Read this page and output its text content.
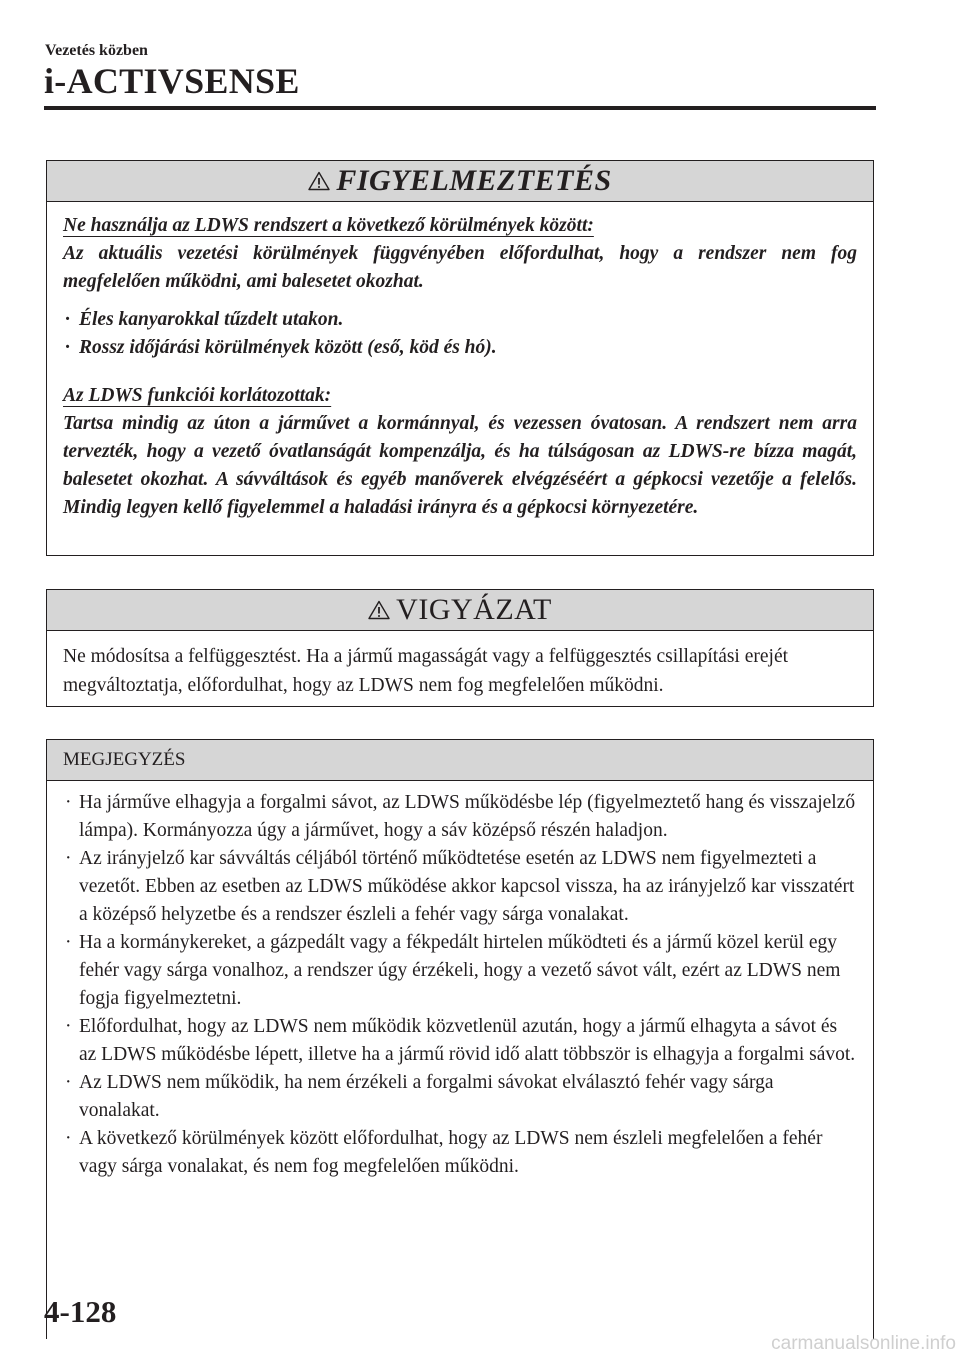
Vezetés közben
i-ACTIVSENSE
FIGYELMEZTETÉS
Ne használja az LDWS rendszert a következő körülmények között:
Az aktuális vezetési körülmények függvényében előfordulhat, hogy a rendszer nem fog megfelelően működni, ami balesetet okozhat.
· Éles kanyarokkal tűzdelt utakon.
· Rossz időjárási körülmények között (eső, köd és hó).
Az LDWS funkciói korlátozottak:
Tartsa mindig az úton a járművet a kormánnyal, és vezessen óvatosan. A rendszert nem arra tervezték, hogy a vezető óvatlanságát kompenzálja, és ha túlságosan az LDWS-re bízza magát, balesetet okozhat. A sávváltások és egyéb manőverek elvégzéséért a gépkocsi vezetője a felelős. Mindig legyen kellő figyelemmel a haladási irányra és a gépkocsi környezetére.
VIGYÁZAT
Ne módosítsa a felfüggesztést. Ha a jármű magasságát vagy a felfüggesztés csillapítási erejét megváltoztatja, előfordulhat, hogy az LDWS nem fog megfelelően működni.
MEGJEGYZÉS
· Ha járműve elhagyja a forgalmi sávot, az LDWS működésbe lép (figyelmeztető hang és visszajelző lámpa). Kormányozza úgy a járművet, hogy a sáv középső részén haladjon.
· Az irányjelző kar sávváltás céljából történő működtetése esetén az LDWS nem figyelmezteti a vezetőt. Ebben az esetben az LDWS működése akkor kapcsol vissza, ha az irányjelző kar visszatért a középső helyzetbe és a rendszer észleli a fehér vagy sárga vonalakat.
· Ha a kormánykereket, a gázpedált vagy a fékpedált hirtelen működteti és a jármű közel kerül egy fehér vagy sárga vonalhoz, a rendszer úgy érzékeli, hogy a vezető sávot vált, ezért az LDWS nem fogja figyelmeztetni.
· Előfordulhat, hogy az LDWS nem működik közvetlenül azután, hogy a jármű elhagyta a sávot és az LDWS működésbe lépett, illetve ha a jármű rövid idő alatt többször is elhagyja a forgalmi sávot.
· Az LDWS nem működik, ha nem érzékeli a forgalmi sávokat elválasztó fehér vagy sárga vonalakat.
· A következő körülmények között előfordulhat, hogy az LDWS nem észleli megfelelően a fehér vagy sárga vonalakat, és nem fog megfelelően működni.
4-128
carmanualsonline.info
